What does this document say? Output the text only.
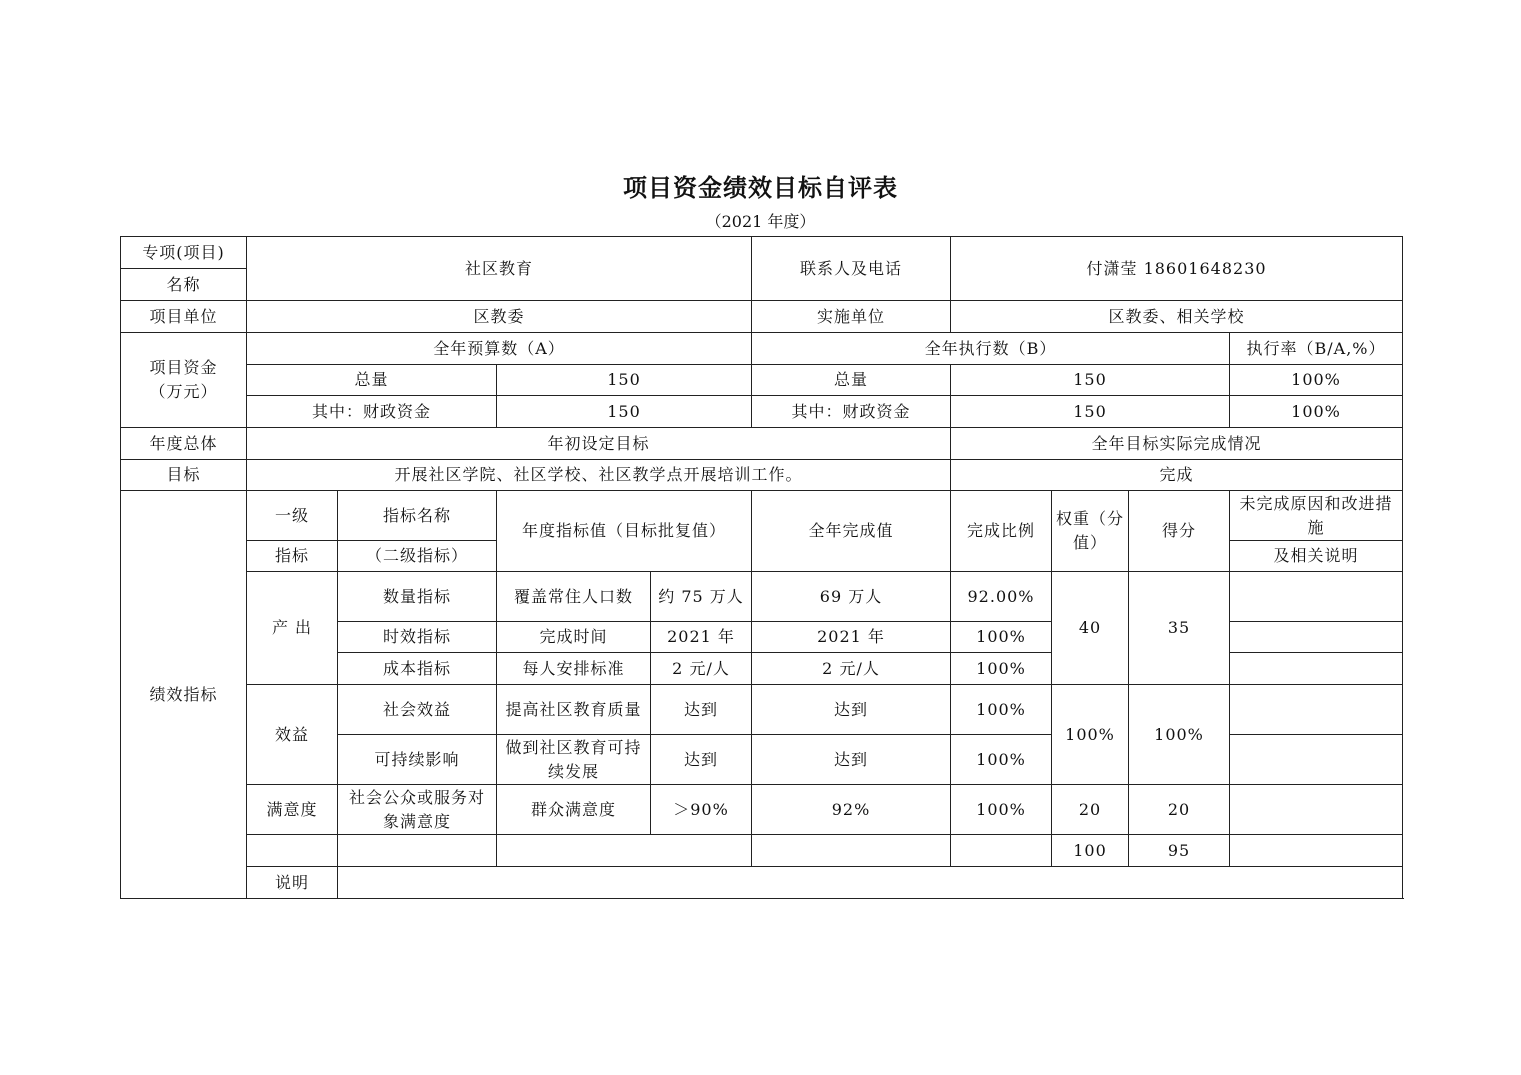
项目资金绩效目标自评表
（2021 年度）
专项(项目)	社区教育				联系人及电话	付潇莹 18601648230			
名称									
项目单位	区教委				实施单位	区教委、相关学校			

项目资金
（万元）	全年预算数（A）				全年执行数（B）				执行率（B/A,%）
	总量		150		总量	150			100%
	其中：财政资金		150		其中：财政资金	150			100%
年度总体	年初设定目标					全年目标实际完成情况			
目标	开展社区学院、社区学校、社区教学点开展培训工作。					完成			
绩效指标	一级	指标名称	年度指标值（目标批复值）		全年完成值	完成比例	权重（分值）	得分	未完成原因和改进措施
	指标	（二级指标）							及相关说明
	产 出	数量指标	覆盖常住人口数	约 75 万人	69 万人	92.00%	40	35	
		时效指标	完成时间	2021 年	2021 年	100%			
		成本指标	每人安排标准	2 元/人	2 元/人	100%			
	效益	社会效益	提高社区教育质量	达到	达到	100%	100%	100%	
		可持续影响	做到社区教育可持续发展	达到	达到	100%			
	满意度	社会公众或服务对象满意度	群众满意度	＞90%	92%	100%	20	20	
							100	95	
	说明								
